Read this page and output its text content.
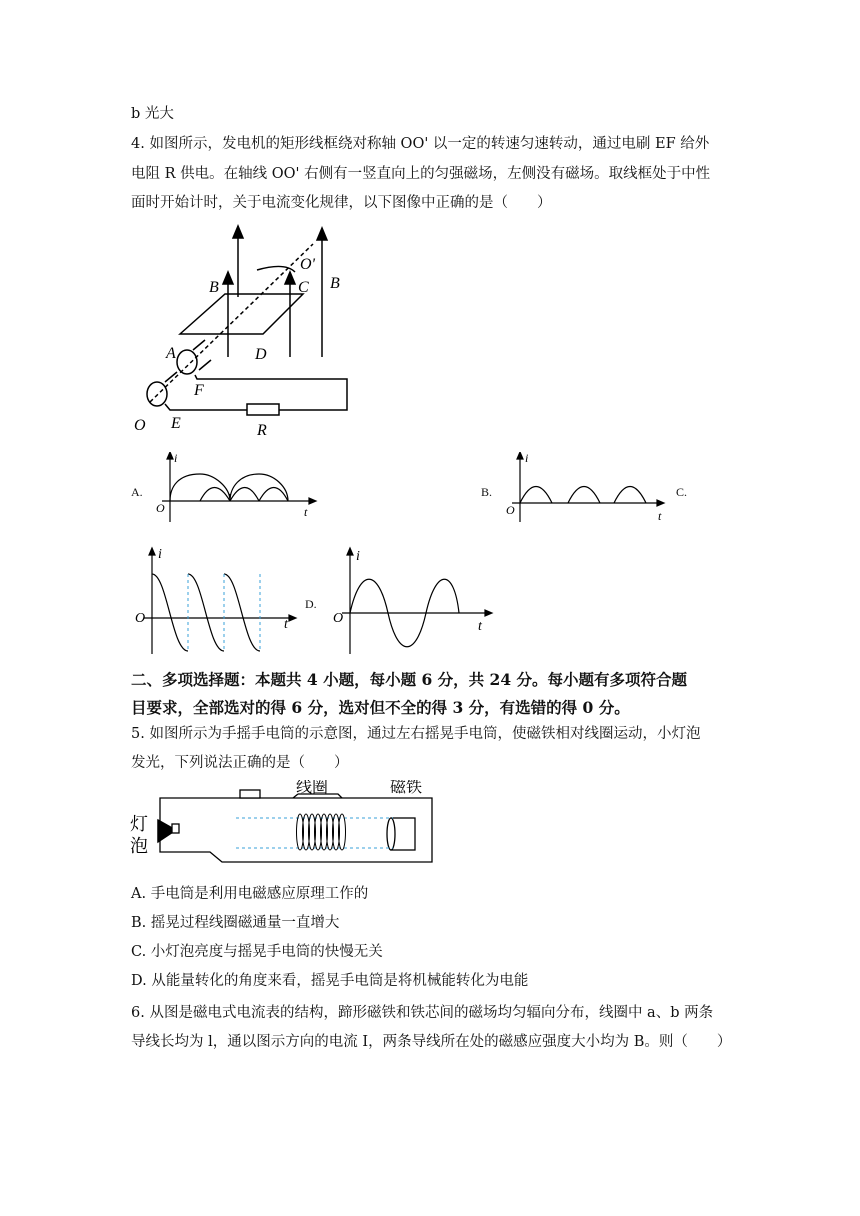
b 光大
4. 如图所示，发电机的矩形线框绕对称轴 OO' 以一定的转速匀速转动，通过电刷 EF 给外
电阻 R 供电。在轴线 OO' 右侧有一竖直向上的匀强磁场，左侧没有磁场。取线框处于中性
面时开始计时，关于电流变化规律，以下图像中正确的是（　　）
B	C
O'
B
A	D
F
O E	R
A.
i
O	t
B.
i
O	t
C.
i
O	t
D.
i
O
t
二、多项选择题：本题共 4 小题，每小题 6 分，共 24 分。每小题有多项符合题
目要求，全部选对的得 6 分，选对但不全的得 3 分，有选错的得 0 分。
5. 如图所示为手摇手电筒的示意图，通过左右摇晃手电筒，使磁铁相对线圈运动，小灯泡
发光，下列说法正确的是（　　）
线圈	磁铁
灯
泡
A. 手电筒是利用电磁感应原理工作的
B. 摇晃过程线圈磁通量一直增大
C. 小灯泡亮度与摇晃手电筒的快慢无关
D. 从能量转化的角度来看，摇晃手电筒是将机械能转化为电能
6. 从图是磁电式电流表的结构，蹄形磁铁和铁芯间的磁场均匀辐向分布，线圈中 a、b 两条
导线长均为 l，通以图示方向的电流 I，两条导线所在处的磁感应强度大小均为 B。则（　　）
